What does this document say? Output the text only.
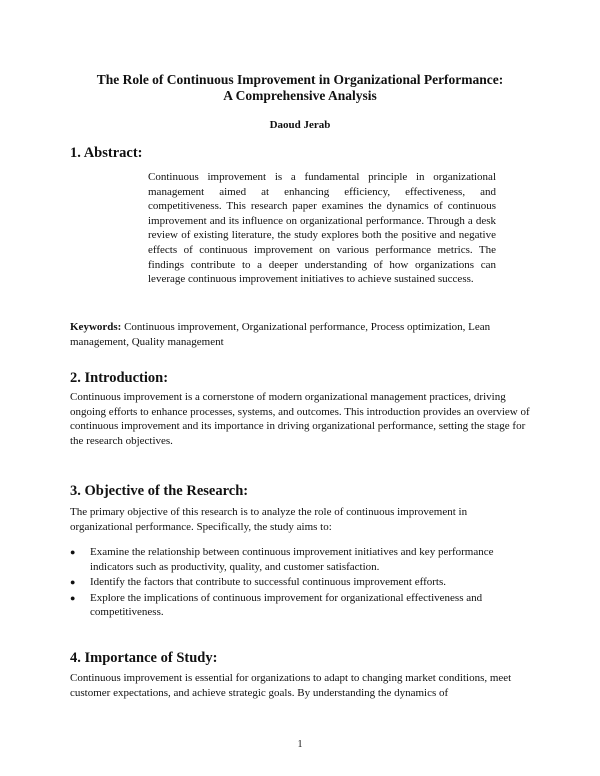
The Role of Continuous Improvement in Organizational Performance:
A Comprehensive Analysis
Daoud Jerab
1. Abstract:

Continuous improvement is a fundamental principle in organizational management aimed at enhancing efficiency, effectiveness, and competitiveness. This research paper examines the dynamics of continuous improvement and its influence on organizational performance. Through a desk review of existing literature, the study explores both the positive and negative effects of continuous improvement on various performance metrics. The findings contribute to a deeper understanding of how organizations can leverage continuous improvement initiatives to achieve sustained success.

Keywords: Continuous improvement, Organizational performance, Process optimization, Lean management, Quality management

2. Introduction:

Continuous improvement is a cornerstone of modern organizational management practices, driving ongoing efforts to enhance processes, systems, and outcomes. This introduction provides an overview of continuous improvement and its importance in driving organizational performance, setting the stage for the research objectives.

3. Objective of the Research:

The primary objective of this research is to analyze the role of continuous improvement in organizational performance. Specifically, the study aims to:

● Examine the relationship between continuous improvement initiatives and key performance indicators such as productivity, quality, and customer satisfaction.
● Identify the factors that contribute to successful continuous improvement efforts.
● Explore the implications of continuous improvement for organizational effectiveness and competitiveness.
4. Importance of Study:

Continuous improvement is essential for organizations to adapt to changing market conditions, meet customer expectations, and achieve strategic goals. By understanding the dynamics of

1
